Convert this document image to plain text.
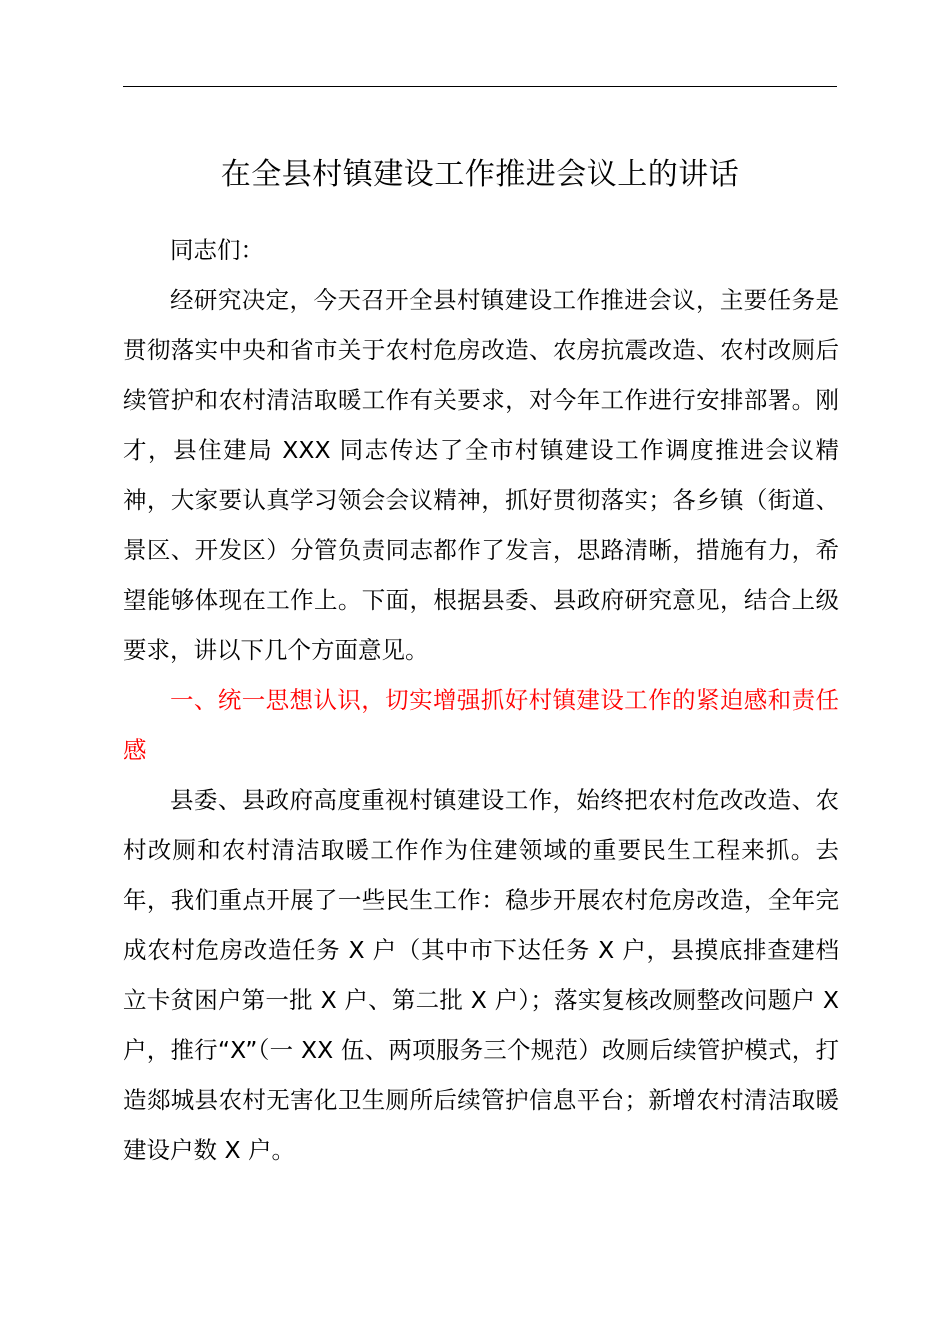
在全县村镇建设工作推进会议上的讲话

同志们：

经研究决定，今天召开全县村镇建设工作推进会议，主要任务是贯彻落实中央和省市关于农村危房改造、农房抗震改造、农村改厕后续管护和农村清洁取暖工作有关要求，对今年工作进行安排部署。刚才，县住建局 XXX 同志传达了全市村镇建设工作调度推进会议精神，大家要认真学习领会会议精神，抓好贯彻落实；各乡镇（街道、景区、开发区）分管负责同志都作了发言，思路清晰，措施有力，希望能够体现在工作上。下面，根据县委、县政府研究意见，结合上级要求，讲以下几个方面意见。

一、统一思想认识，切实增强抓好村镇建设工作的紧迫感和责任感

县委、县政府高度重视村镇建设工作，始终把农村危改改造、农村改厕和农村清洁取暖工作作为住建领域的重要民生工程来抓。去年，我们重点开展了一些民生工作：稳步开展农村危房改造，全年完成农村危房改造任务 X 户（其中市下达任务 X 户，县摸底排查建档立卡贫困户第一批 X 户、第二批 X 户）；落实复核改厕整改问题户 X 户，推行“X”（一 XX 伍、两项服务三个规范）改厕后续管护模式，打造郯城县农村无害化卫生厕所后续管护信息平台；新增农村清洁取暖建设户数 X 户。
